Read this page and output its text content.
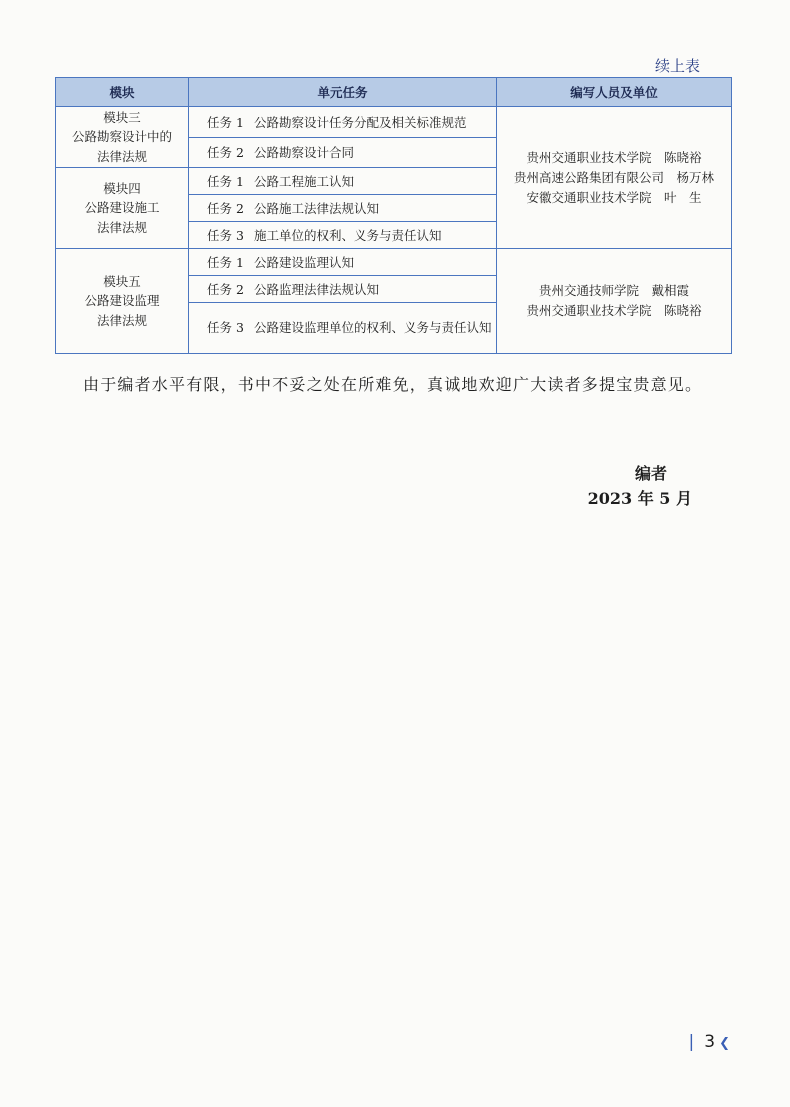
续上表
模块	单元任务	编写人员及单位

模块三
公路勘察设计中的
法律法规	任务 1 公路勘察设计任务分配及相关标准规范	贵州交通职业技术学院　陈晓裕
贵州高速公路集团有限公司　杨万林
安徽交通职业技术学院　叶　生

	任务 2 公路勘察设计合同	

模块四
公路建设施工
法律法规	任务 1 公路工程施工认知	
	任务 2 公路施工法律法规认知	
	任务 3 施工单位的权利、义务与责任认知	

模块五
公路建设监理
法律法规	任务 1 公路建设监理认知	贵州交通技师学院　戴相霞
贵州交通职业技术学院　陈晓裕

	任务 2 公路监理法律法规认知	
	任务 3 公路建设监理单位的权利、义务与责任认知	
由于编者水平有限，书中不妥之处在所难免，真诚地欢迎广大读者多提宝贵意见。
编者
2023 年 5 月
| 3 ❮
